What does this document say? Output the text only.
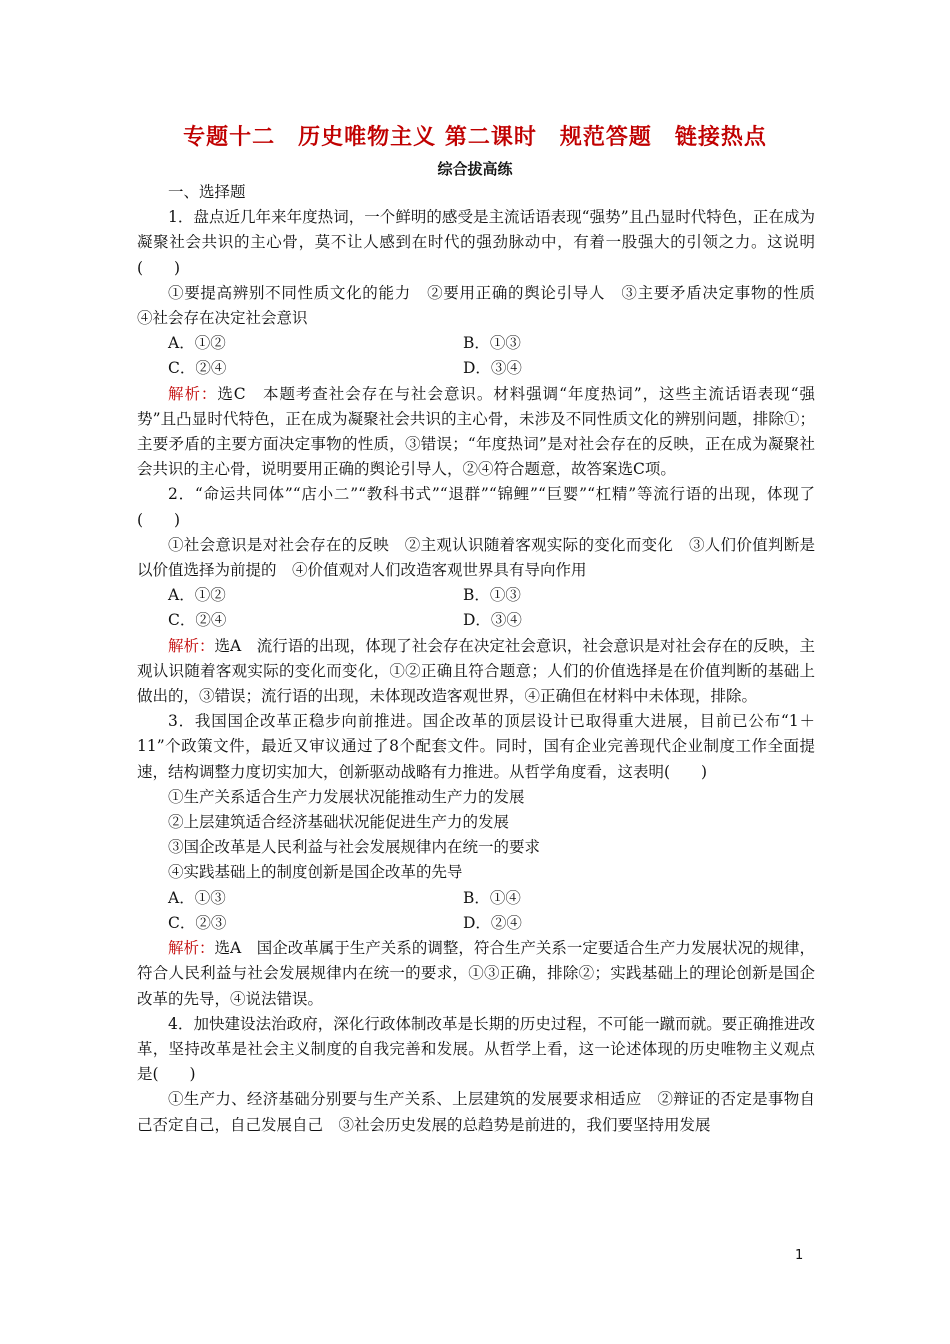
专题十二　历史唯物主义 第二课时　规范答题　链接热点
综合拔高练

一、选择题

1．盘点近几年来年度热词，一个鲜明的感受是主流话语表现“强势”且凸显时代特色，正在成为凝聚社会共识的主心骨，莫不让人感到在时代的强劲脉动中，有着一股强大的引领之力。这说明(　　)

①要提高辨别不同性质文化的能力　②要用正确的舆论引导人　③主要矛盾决定事物的性质　④社会存在决定社会意识

A．①②	B．①③
C．②④	D．③④

解析：选C　本题考查社会存在与社会意识。材料强调“年度热词”，这些主流话语表现“强势”且凸显时代特色，正在成为凝聚社会共识的主心骨，未涉及不同性质文化的辨别问题，排除①；主要矛盾的主要方面决定事物的性质，③错误；“年度热词”是对社会存在的反映，正在成为凝聚社会共识的主心骨，说明要用正确的舆论引导人，②④符合题意，故答案选C项。

2．“命运共同体”“店小二”“教科书式”“退群”“锦鲤”“巨婴”“杠精”等流行语的出现，体现了(　　)

①社会意识是对社会存在的反映　②主观认识随着客观实际的变化而变化　③人们价值判断是以价值选择为前提的　④价值观对人们改造客观世界具有导向作用

A．①②	B．①③
C．②④	D．③④

解析：选A　流行语的出现，体现了社会存在决定社会意识，社会意识是对社会存在的反映，主观认识随着客观实际的变化而变化，①②正确且符合题意；人们的价值选择是在价值判断的基础上做出的，③错误；流行语的出现，未体现改造客观世界，④正确但在材料中未体现，排除。

3．我国国企改革正稳步向前推进。国企改革的顶层设计已取得重大进展，目前已公布“1＋11”个政策文件，最近又审议通过了8个配套文件。同时，国有企业完善现代企业制度工作全面提速，结构调整力度切实加大，创新驱动战略有力推进。从哲学角度看，这表明(　　)

①生产关系适合生产力发展状况能推动生产力的发展

②上层建筑适合经济基础状况能促进生产力的发展

③国企改革是人民利益与社会发展规律内在统一的要求

④实践基础上的制度创新是国企改革的先导

A．①③	B．①④
C．②③	D．②④

解析：选A　国企改革属于生产关系的调整，符合生产关系一定要适合生产力发展状况的规律，符合人民利益与社会发展规律内在统一的要求，①③正确，排除②；实践基础上的理论创新是国企改革的先导，④说法错误。

4．加快建设法治政府，深化行政体制改革是长期的历史过程，不可能一蹴而就。要正确推进改革，坚持改革是社会主义制度的自我完善和发展。从哲学上看，这一论述体现的历史唯物主义观点是(　　)

①生产力、经济基础分别要与生产关系、上层建筑的发展要求相适应　②辩证的否定是事物自己否定自己，自己发展自己　③社会历史发展的总趋势是前进的，我们要坚持用发展

1
